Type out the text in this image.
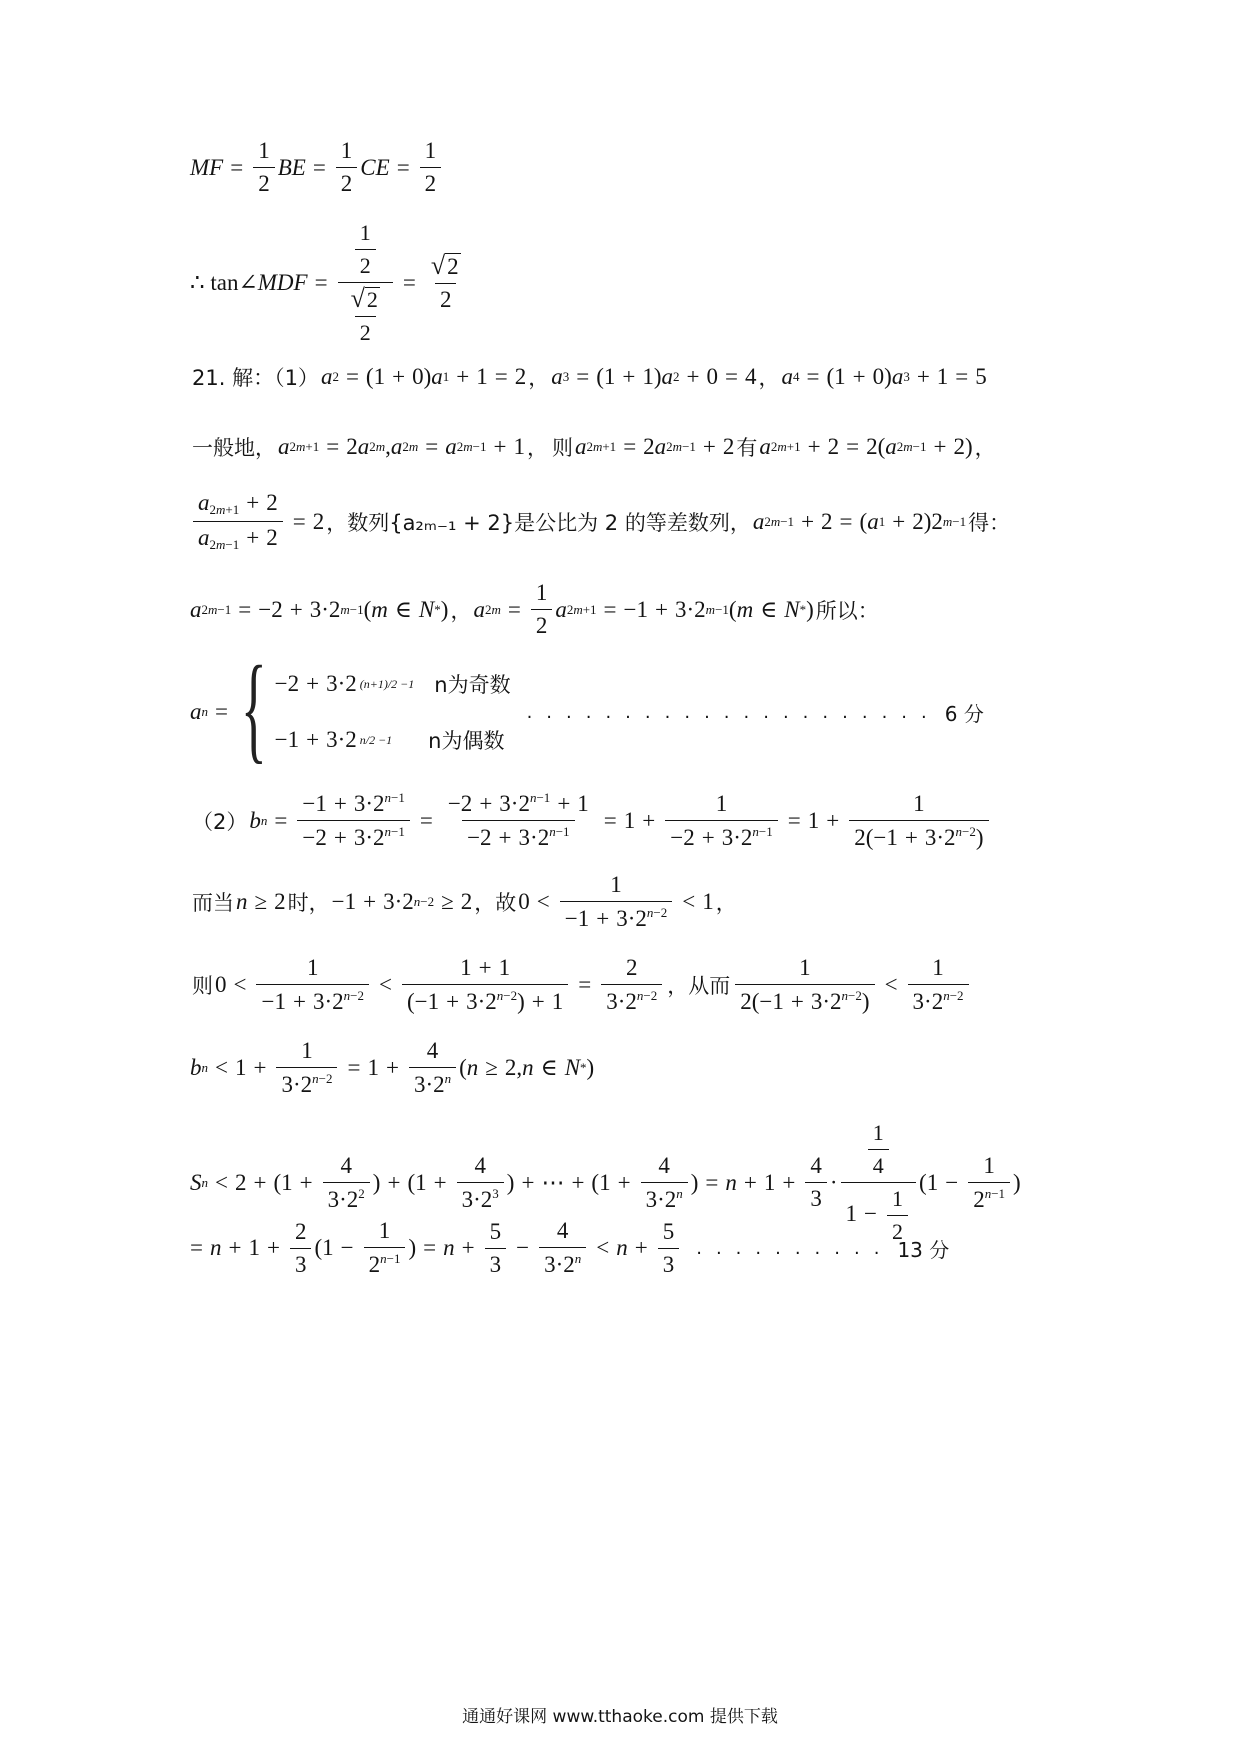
MF = $\frac{1}{2}$ BE = $\frac{1}{2}$ CE = $\frac{1}{2}$
∴ tan∠ MDF = $\frac{\frac{1}{2}}{\frac{√ 2}{2}} = \frac{√ 2}{2}$
21. 解：（1） a 2 = (1 + 0) a 1 + 1 = 2 ， a 3 = (1 + 1) a 2 + 0 = 4 ， a 4 = (1 + 0) a 3 + 1 = 5
一般地， a 2m+1 = 2 a 2m , a 2m = a 2m−1 + 1 ， 则 a 2m+1 = 2 a 2m−1 + 2 有 a 2m+1 + 2 = 2( a 2m−1 + 2) ，
$\frac{a_{2m+1} + 2}{a_{2m-1} + 2} = 2$ ，数列{a₂ₘ₋₁ + 2}是公比为 2 的等差数列， a 2m−1 + 2 = ( a 1 + 2)2 m−1 得：
a 2m−1 = −2 + 3·2 m−1 ( m ∈ N * ) ， a $2m = \frac{1}{2}$ a 2m+1 = −1 + 3·2 m−1 ( m ∈ N * ) 所以：
a n = { −2 + 3·2 (n+1)/2 −1 n为奇数
−1 + 3·2 n/2 −1 n为偶数
..................... 6 分
（2） b $n = \frac{-1 + 3\cdot 2^{n-1}}{-2 + 3\cdot 2^{n-1}} = \frac{-2 + 3\cdot 2^{n-1} + 1}{-2 + 3\cdot 2^{n-1}} = 1 + \frac{1}{-2 + 3\cdot 2^{n-1}} = 1 + \frac{1}{2(-1 + 3\cdot 2^{n-2})}$
而当 n ≥ 2 时， −1 + 3·2 n−2 ≥ 2 ，故 0 <
1
$-1 + 3\cdot 2^{n-2} < 1$ ，
则 0 <
1
$-1 + 3\cdot 2^{n-2} < \frac{1 + 1}{(-1 + 3\cdot 2^{n-2}) + 1} = \frac{2}{3\cdot 2^{n-2}}$ ，从而
1
$2(-1 + 3\cdot 2^{n-2})$
<
1
$3\cdot 2^{n-2}$
b $n < 1 + \frac{1}{3\cdot 2^{n-2}} = 1 + \frac{4}{3\cdot 2^n}$ ( n ≥ 2, n ∈ N * )
S $n < 2 + (1 + \frac{4}{3\cdot 2^2}$ ) + ($1 + \frac{4}{3\cdot 2^3}$ ) + ⋯ + ($1 + \frac{4}{3\cdot 2^n}$ ) = $n + 1 + \frac{4}{3}$ ·
$\frac{1}{4}$
$1 - \frac{1}{2}$
($1 - \frac{1}{2^{n-1}}$ )
= $n + 1 + \frac{2}{3} (1 - \frac{1}{2^{n-1}}$ ) = $n + \frac{5}{3} - \frac{4}{3\cdot 2^n} < n + \frac{5}{3}$ .......... 13 分
通通好课网 www.tthaoke.com 提供下载
